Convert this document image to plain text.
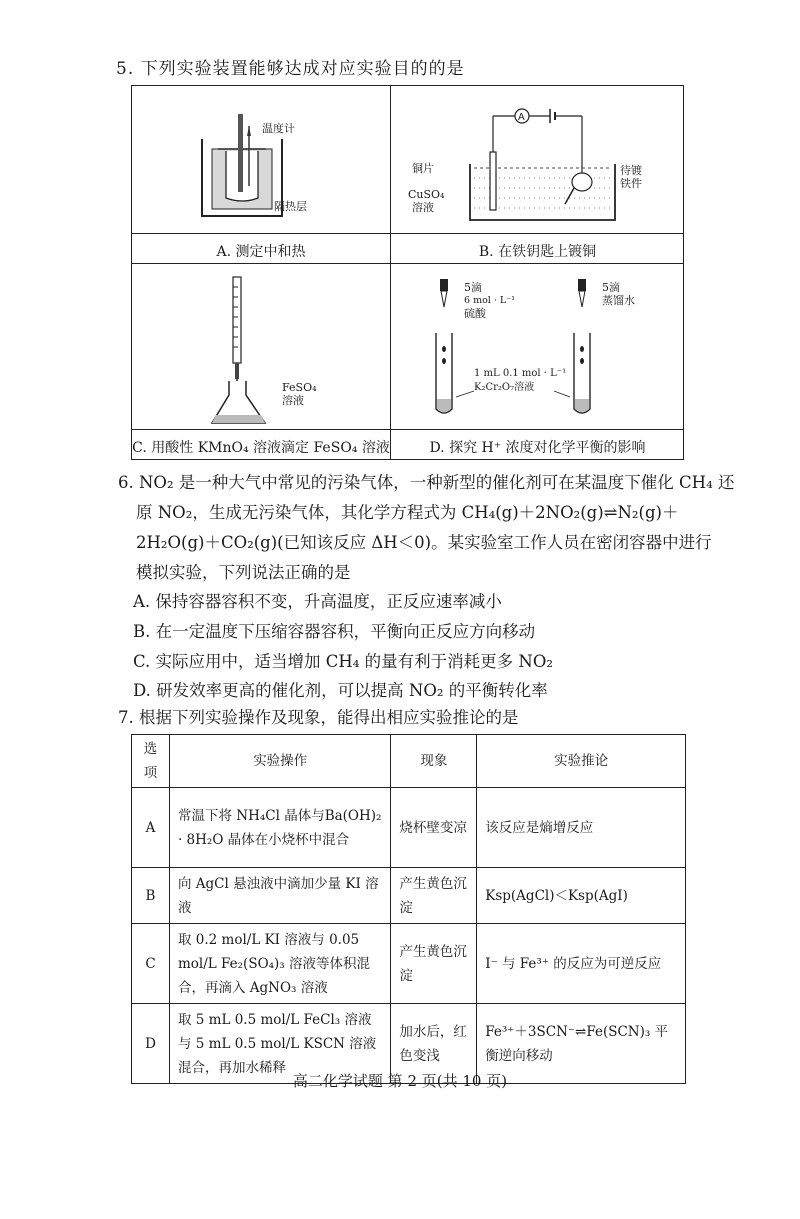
5. 下列实验装置能够达成对应实验目的的是
温度计
隔热层
A. 测定中和热
A
铜片
CuSO₄
溶液
待镀
铁件
B. 在铁钥匙上镀铜
FeSO₄
溶液
C. 用酸性 KMnO₄ 溶液滴定 FeSO₄ 溶液
5滴
6 mol · L⁻¹
硫酸
5滴
蒸馏水
1 mL 0.1 mol · L⁻¹
K₂Cr₂O₇溶液
D. 探究 H⁺ 浓度对化学平衡的影响
6. NO₂ 是一种大气中常见的污染气体，一种新型的催化剂可在某温度下催化 CH₄ 还
原 NO₂，生成无污染气体，其化学方程式为 CH₄(g)＋2NO₂(g)⇌N₂(g)＋
2H₂O(g)＋CO₂(g)(已知该反应 ΔH＜0)。某实验室工作人员在密闭容器中进行
模拟实验，下列说法正确的是
A. 保持容器容积不变，升高温度，正反应速率减小
B. 在一定温度下压缩容器容积，平衡向正反应方向移动
C. 实际应用中，适当增加 CH₄ 的量有利于消耗更多 NO₂
D. 研发效率更高的催化剂，可以提高 NO₂ 的平衡转化率
7. 根据下列实验操作及现象，能得出相应实验推论的是
选项	实验操作	现象	实验推论
A	常温下将 NH₄Cl 晶体与Ba(OH)₂ · 8H₂O 晶体在小烧杯中混合	烧杯壁变凉	该反应是熵增反应
B	向 AgCl 悬浊液中滴加少量 KI 溶液	产生黄色沉淀	Ksp(AgCl)＜Ksp(AgI)
C	取 0.2 mol/L KI 溶液与 0.05 mol/L Fe₂(SO₄)₃ 溶液等体积混合，再滴入 AgNO₃ 溶液	产生黄色沉淀	I⁻ 与 Fe³⁺ 的反应为可逆反应
D	取 5 mL 0.5 mol/L FeCl₃ 溶液与 5 mL 0.5 mol/L KSCN 溶液混合，再加水稀释	加水后，红色变浅	Fe³⁺＋3SCN⁻⇌Fe(SCN)₃ 平衡逆向移动
高二化学试题 第 2 页(共 10 页)
